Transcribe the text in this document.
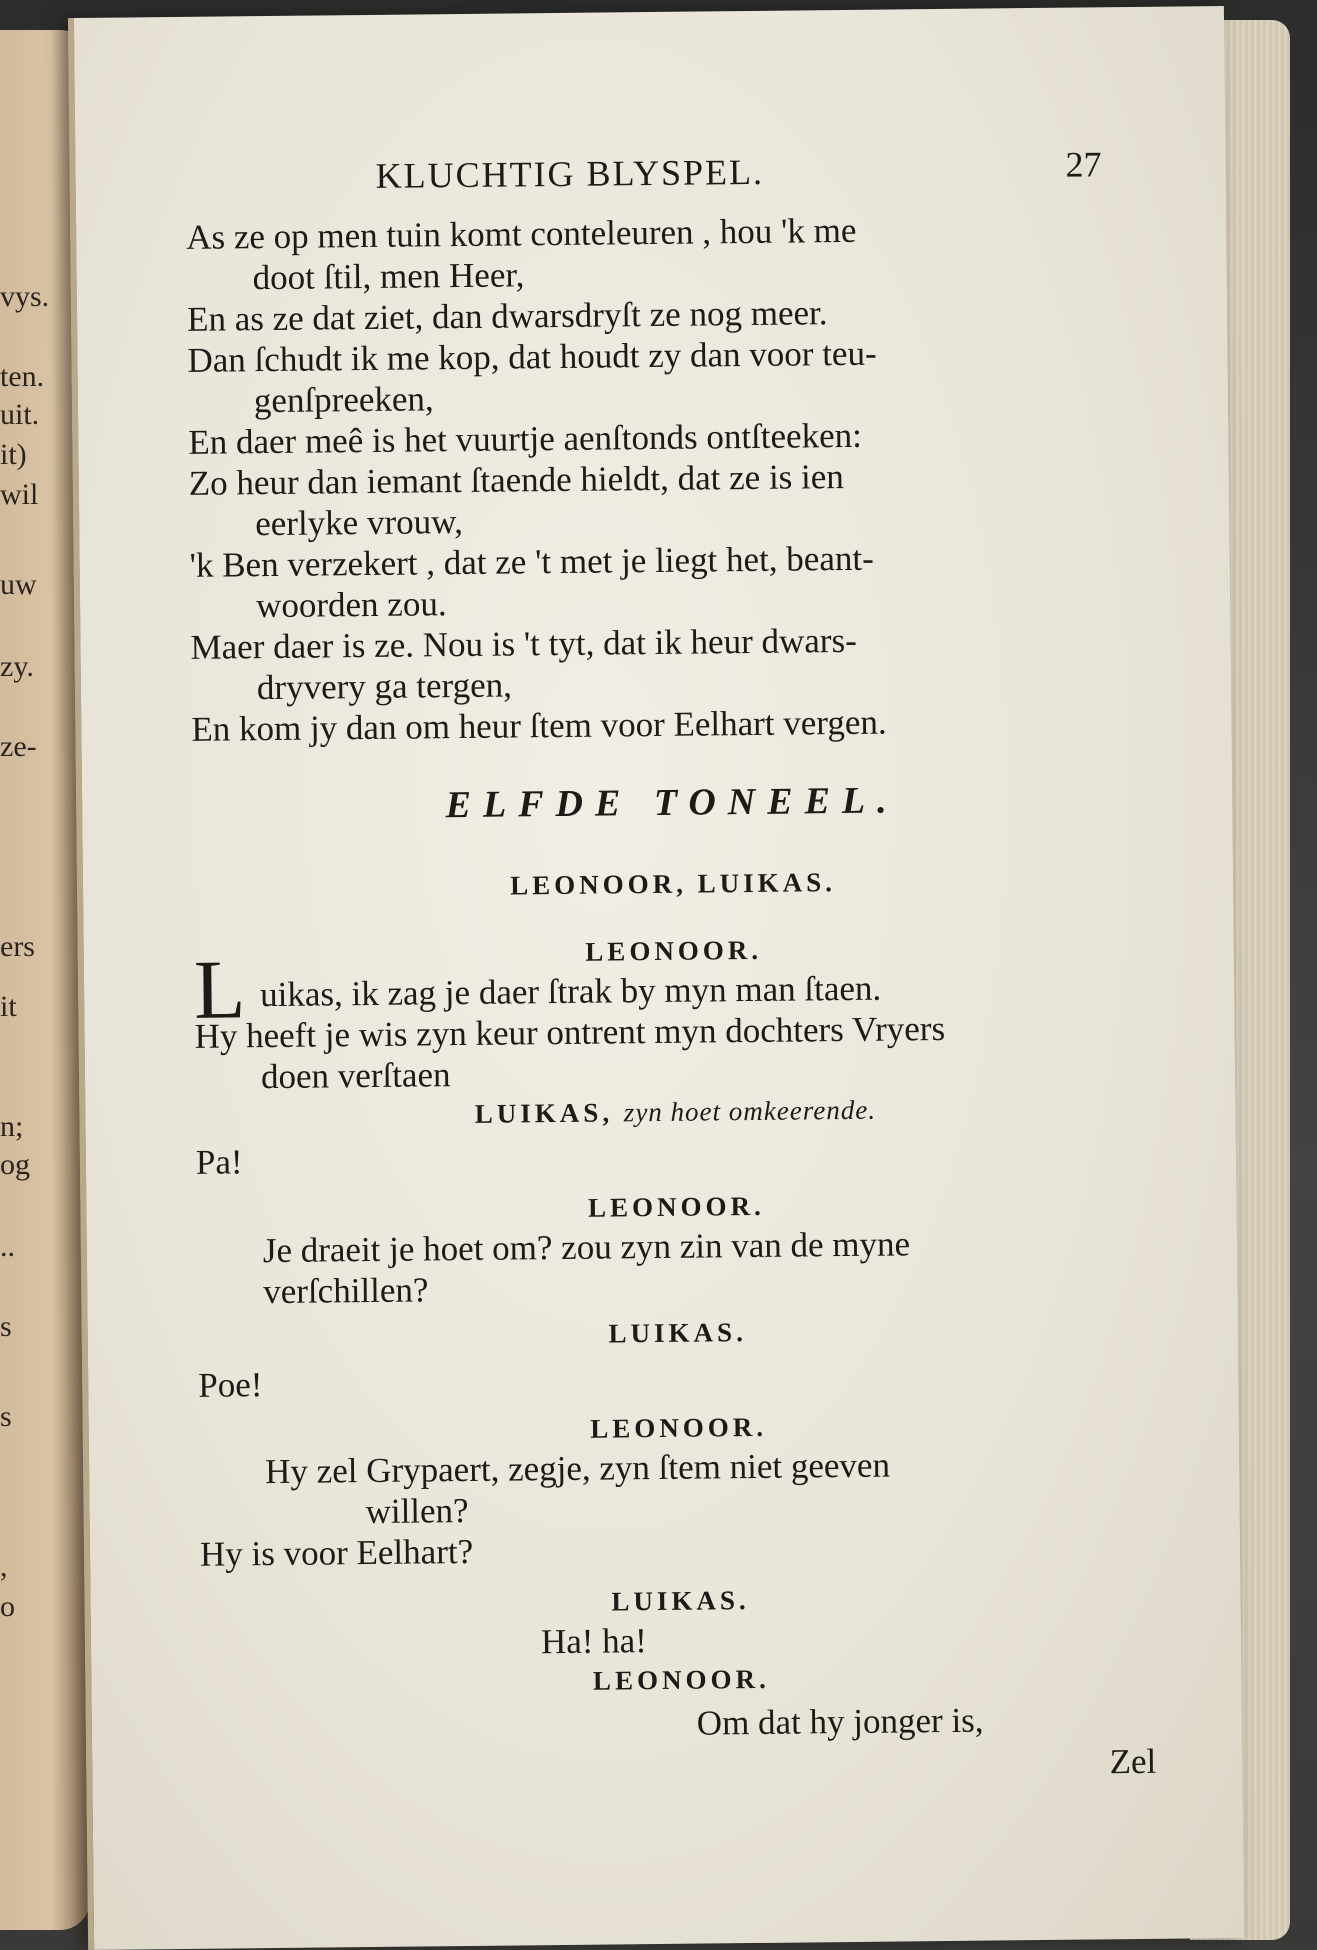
vys.
ten.
uit.
it)
wil
uw
zy.
ze-
ers
it
n;
og
..
s
s
,
o
KLUCHTIG BLYSPEL.	27
As ze op men tuin komt conteleuren , hou 'k me
doot ſtil, men Heer,
En as ze dat ziet, dan dwarsdryſt ze nog meer.
Dan ſchudt ik me kop, dat houdt zy dan voor teu-
genſpreeken,
En daer meê is het vuurtje aenſtonds ontſteeken:
Zo heur dan iemant ſtaende hieldt, dat ze is ien
eerlyke vrouw,
'k Ben verzekert , dat ze 't met je liegt het, beant-
woorden zou.
Maer daer is ze. Nou is 't tyt, dat ik heur dwars-
dryvery ga tergen,
En kom jy dan om heur ſtem voor Eelhart vergen.
ELFDE TONEEL.
LEONOOR, LUIKAS.
LEONOOR.
L uikas, ik zag je daer ſtrak by myn man ſtaen.
Hy heeft je wis zyn keur ontrent myn dochters Vryers
doen verſtaen
LUIKAS, zyn hoet omkeerende.
Pa!
LEONOOR.
Je draeit je hoet om? zou zyn zin van de myne
verſchillen?
LUIKAS.
Poe!
LEONOOR.
Hy zel Grypaert, zegje, zyn ſtem niet geeven
willen?
Hy is voor Eelhart?
LUIKAS.
Ha! ha!
LEONOOR.
Om dat hy jonger is,
Zel
